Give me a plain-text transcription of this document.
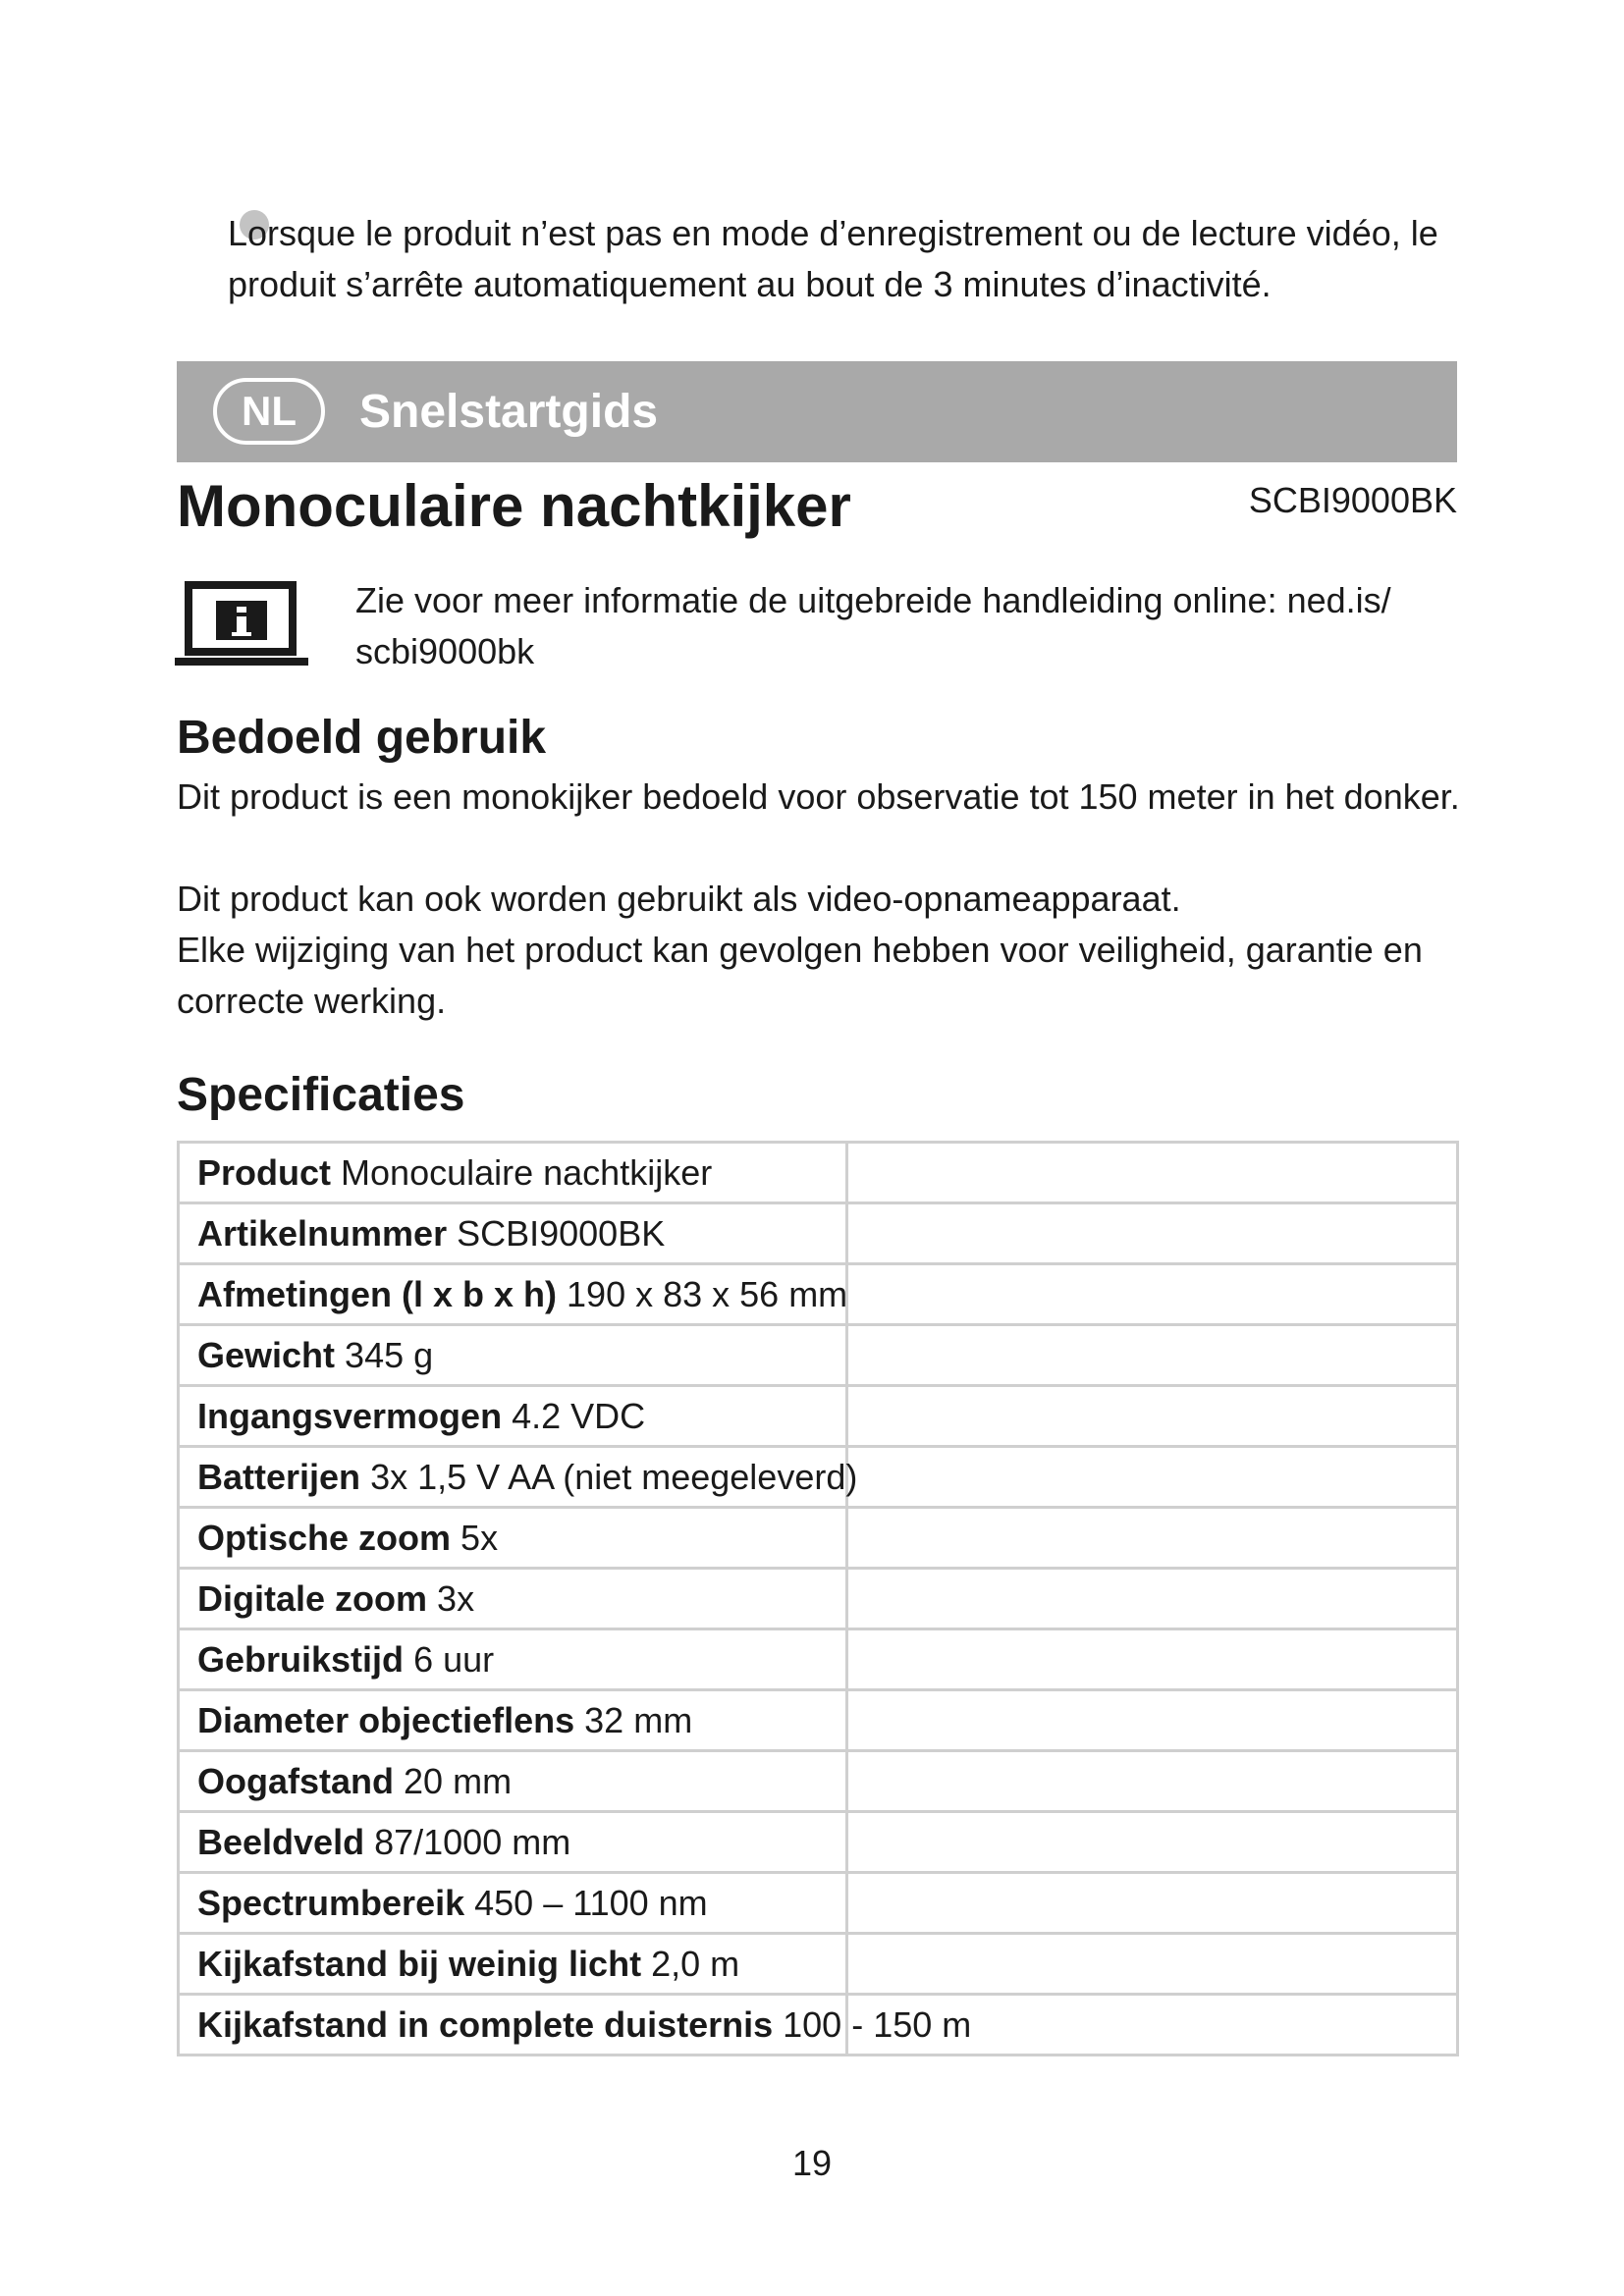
Lorsque le produit n’est pas en mode d’enregistrement ou de lecture vidéo, le produit s’arrête automatiquement au bout de 3 minutes d’inactivité.

NL	Snelstartgids
Monoculaire nachtkijker	SCBI9000BK
Zie voor meer informatie de uitgebreide handleiding online: ned.is/
scbi9000bk
Bedoeld gebruik

Dit product is een monokijker bedoeld voor observatie tot 150 meter in het donker.

Dit product kan ook worden gebruikt als video-opnameapparaat.

Elke wijziging van het product kan gevolgen hebben voor veiligheid, garantie en correcte werking.

Specificaties
Product Monoculaire nachtkijker	
Artikelnummer SCBI9000BK	
Afmetingen (l x b x h) 190 x 83 x 56 mm	
Gewicht 345 g	
Ingangsvermogen 4.2 VDC	
Batterijen 3x 1,5 V AA (niet meegeleverd)	
Optische zoom 5x	
Digitale zoom 3x	
Gebruikstijd 6 uur	
Diameter objectieflens 32 mm	
Oogafstand 20 mm	
Beeldveld 87/1000 mm	
Spectrumbereik 450 – 1100 nm	
Kijkafstand bij weinig licht 2,0 m	
Kijkafstand in complete duisternis 100 - 150 m	
19
